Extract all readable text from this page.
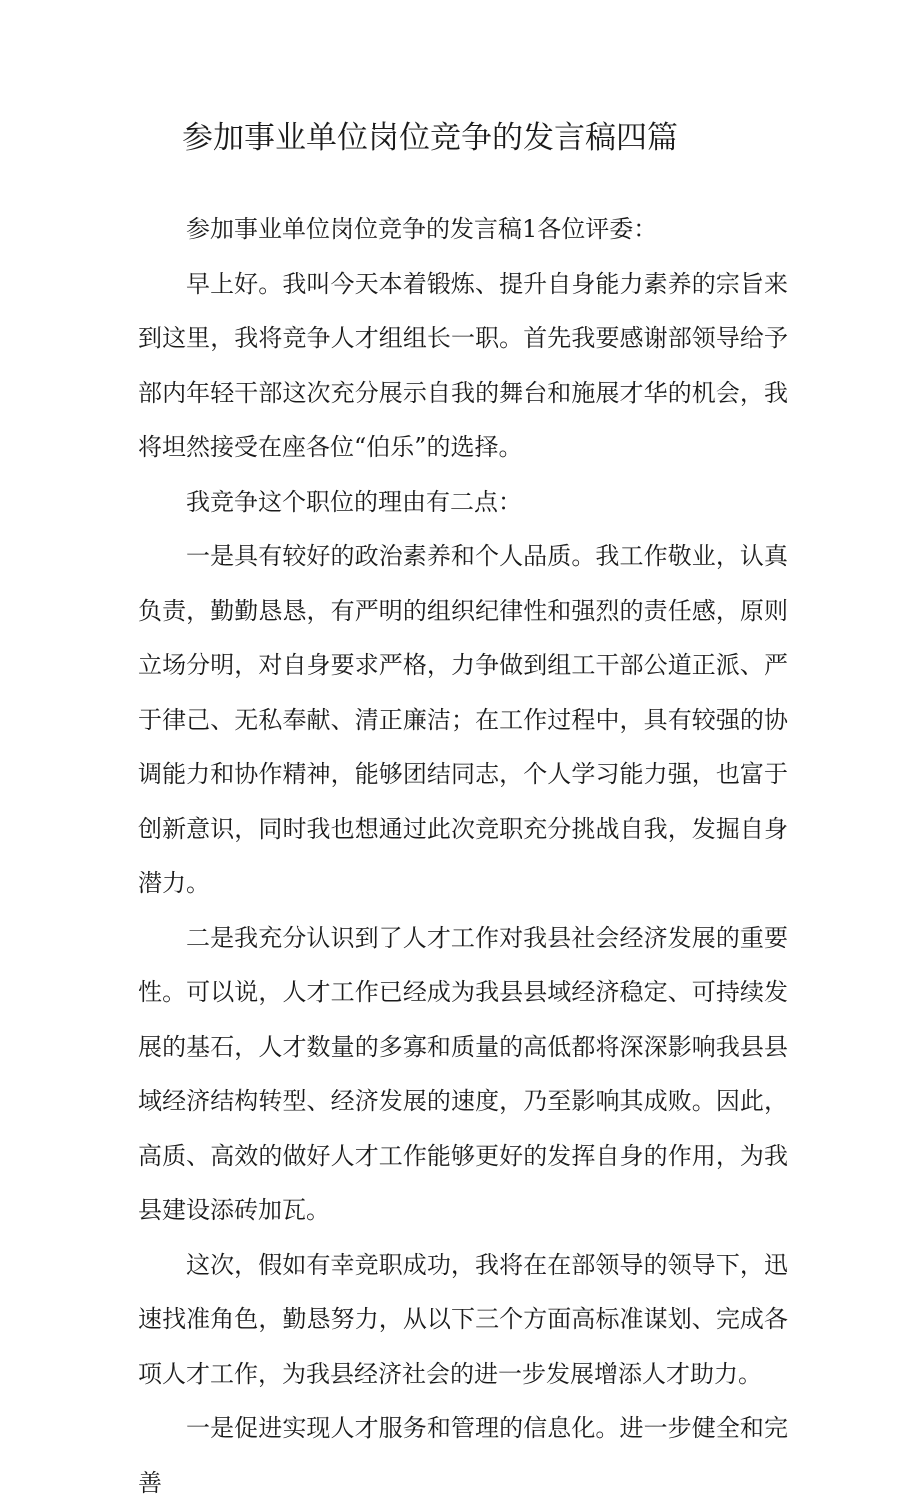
参加事业单位岗位竞争的发言稿四篇

参加事业单位岗位竞争的发言稿1各位评委：

早上好。我叫今天本着锻炼、提升自身能力素养的宗旨来到这里，我将竞争人才组组长一职。首先我要感谢部领导给予部内年轻干部这次充分展示自我的舞台和施展才华的机会，我将坦然接受在座各位“伯乐”的选择。

我竞争这个职位的理由有二点：

一是具有较好的政治素养和个人品质。我工作敬业，认真负责，勤勤恳恳，有严明的组织纪律性和强烈的责任感，原则立场分明，对自身要求严格，力争做到组工干部公道正派、严于律己、无私奉献、清正廉洁；在工作过程中，具有较强的协调能力和协作精神，能够团结同志，个人学习能力强，也富于创新意识，同时我也想通过此次竞职充分挑战自我，发掘自身潜力。

二是我充分认识到了人才工作对我县社会经济发展的重要性。可以说，人才工作已经成为我县县域经济稳定、可持续发展的基石，人才数量的多寡和质量的高低都将深深影响我县县域经济结构转型、经济发展的速度，乃至影响其成败。因此，高质、高效的做好人才工作能够更好的发挥自身的作用，为我县建设添砖加瓦。

这次，假如有幸竞职成功，我将在在部领导的领导下，迅速找准角色，勤恳努力，从以下三个方面高标准谋划、完成各项人才工作，为我县经济社会的进一步发展增添人才助力。

一是促进实现人才服务和管理的信息化。进一步健全和完善
